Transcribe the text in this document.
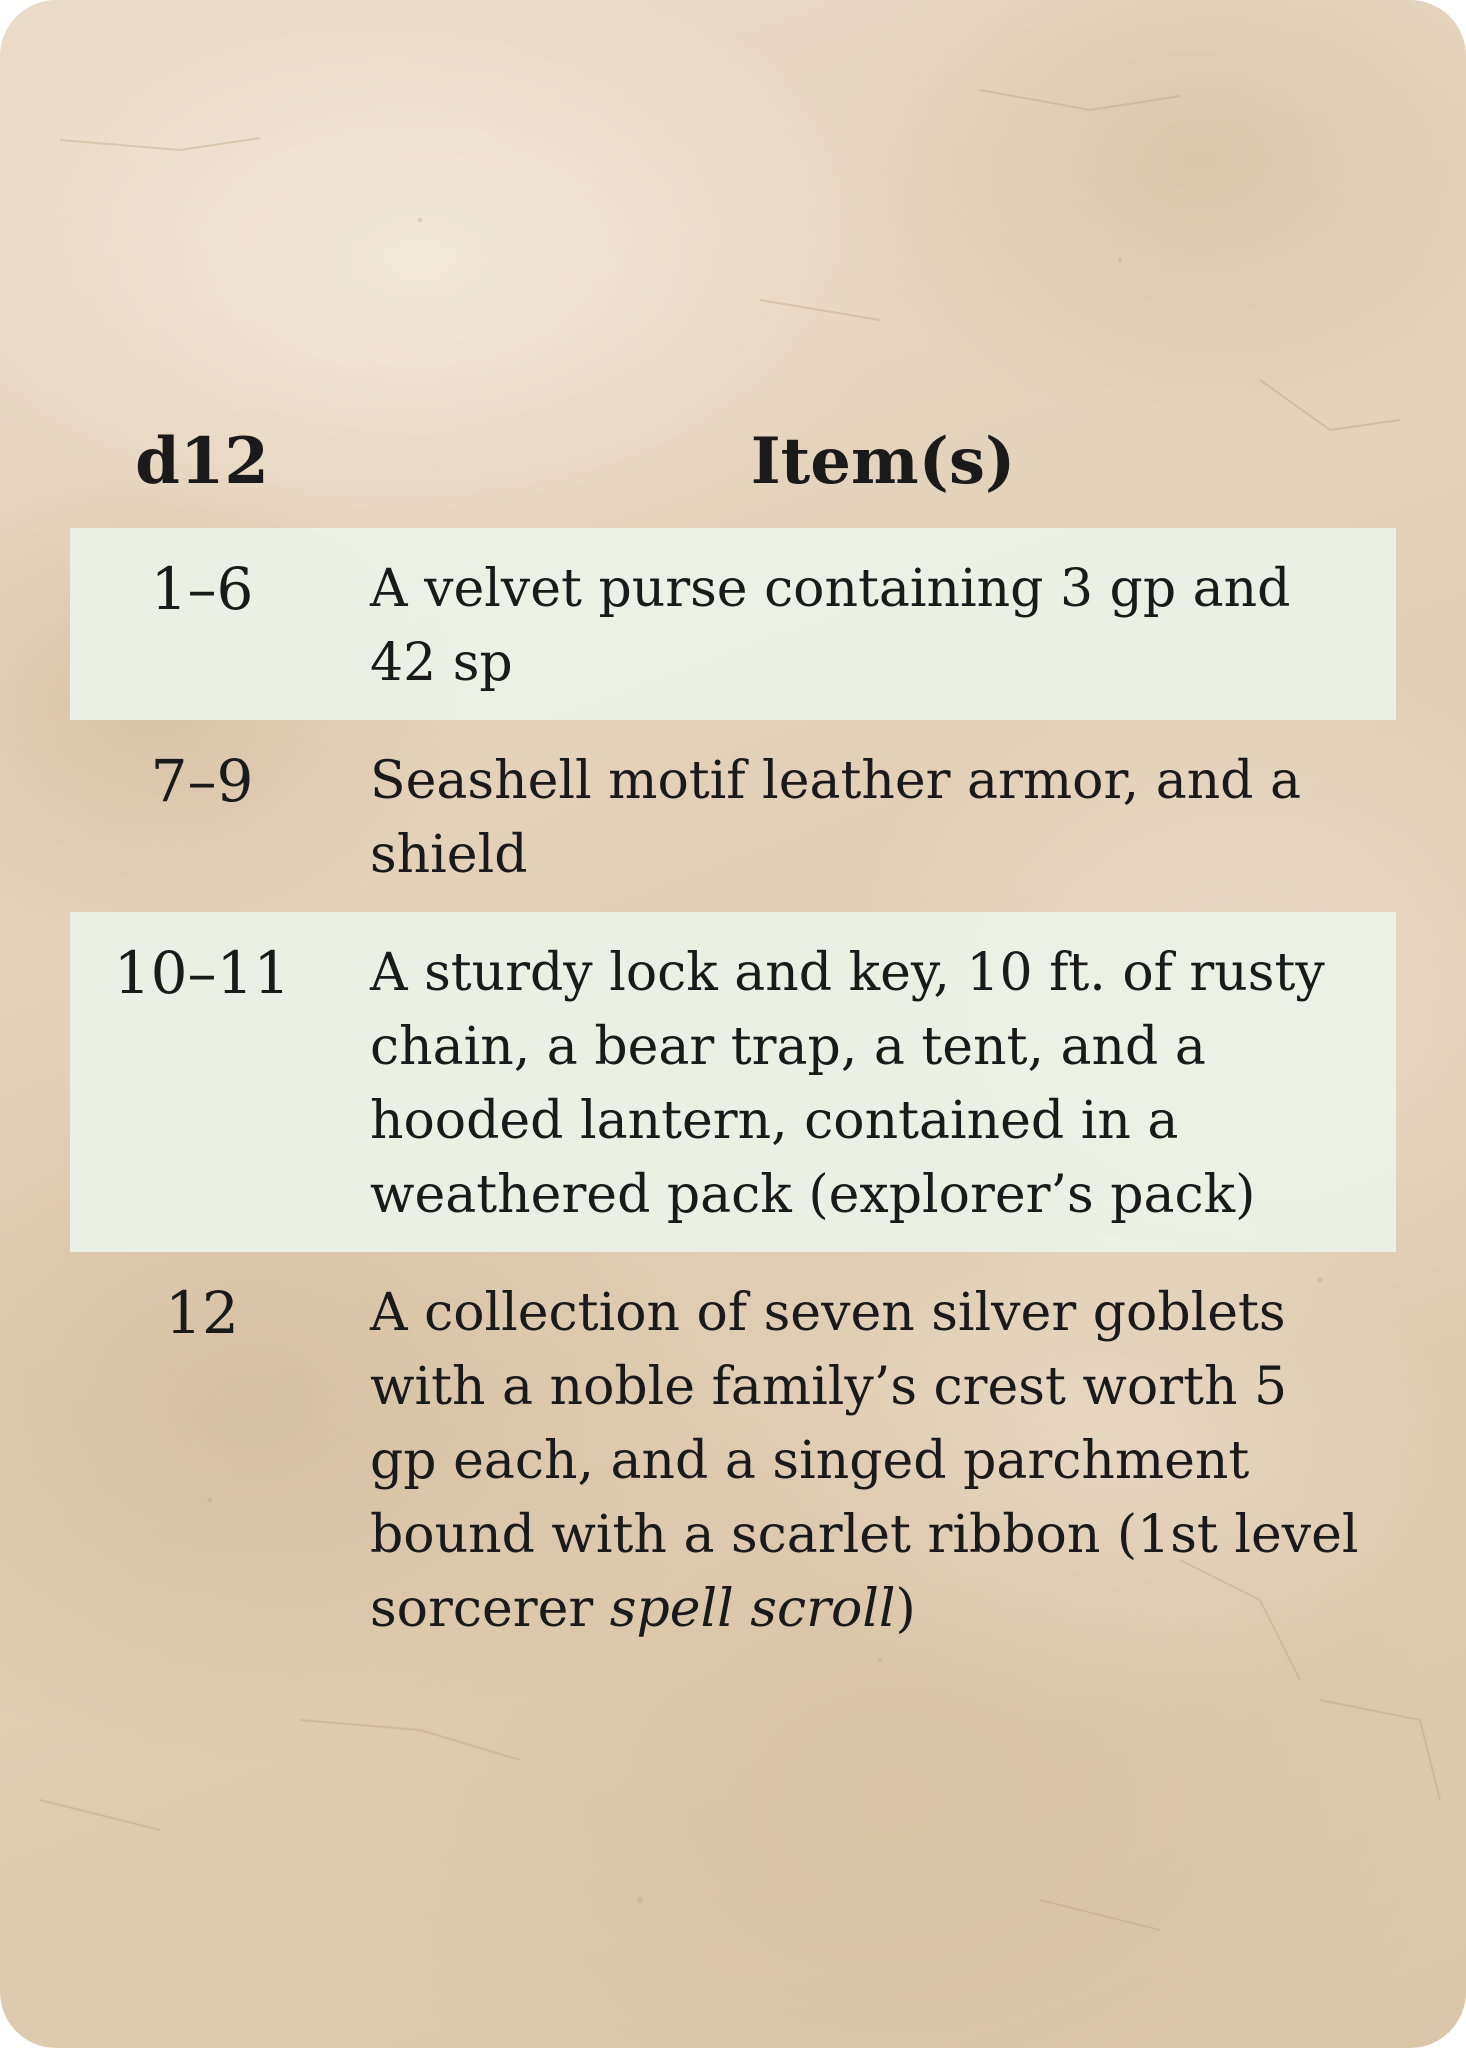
d12	Item(s)
1–6	A velvet purse containing 3 gp and 42 sp
7–9	Seashell motif leather armor, and a shield
10–11	A sturdy lock and key, 10 ft. of rusty chain, a bear trap, a tent, and a hooded lantern, contained in a weathered pack (explorer’s pack)
12	A collection of seven silver goblets with a noble family’s crest worth 5 gp each, and a singed parchment bound with a scarlet ribbon (1st level sorcerer spell scroll)
